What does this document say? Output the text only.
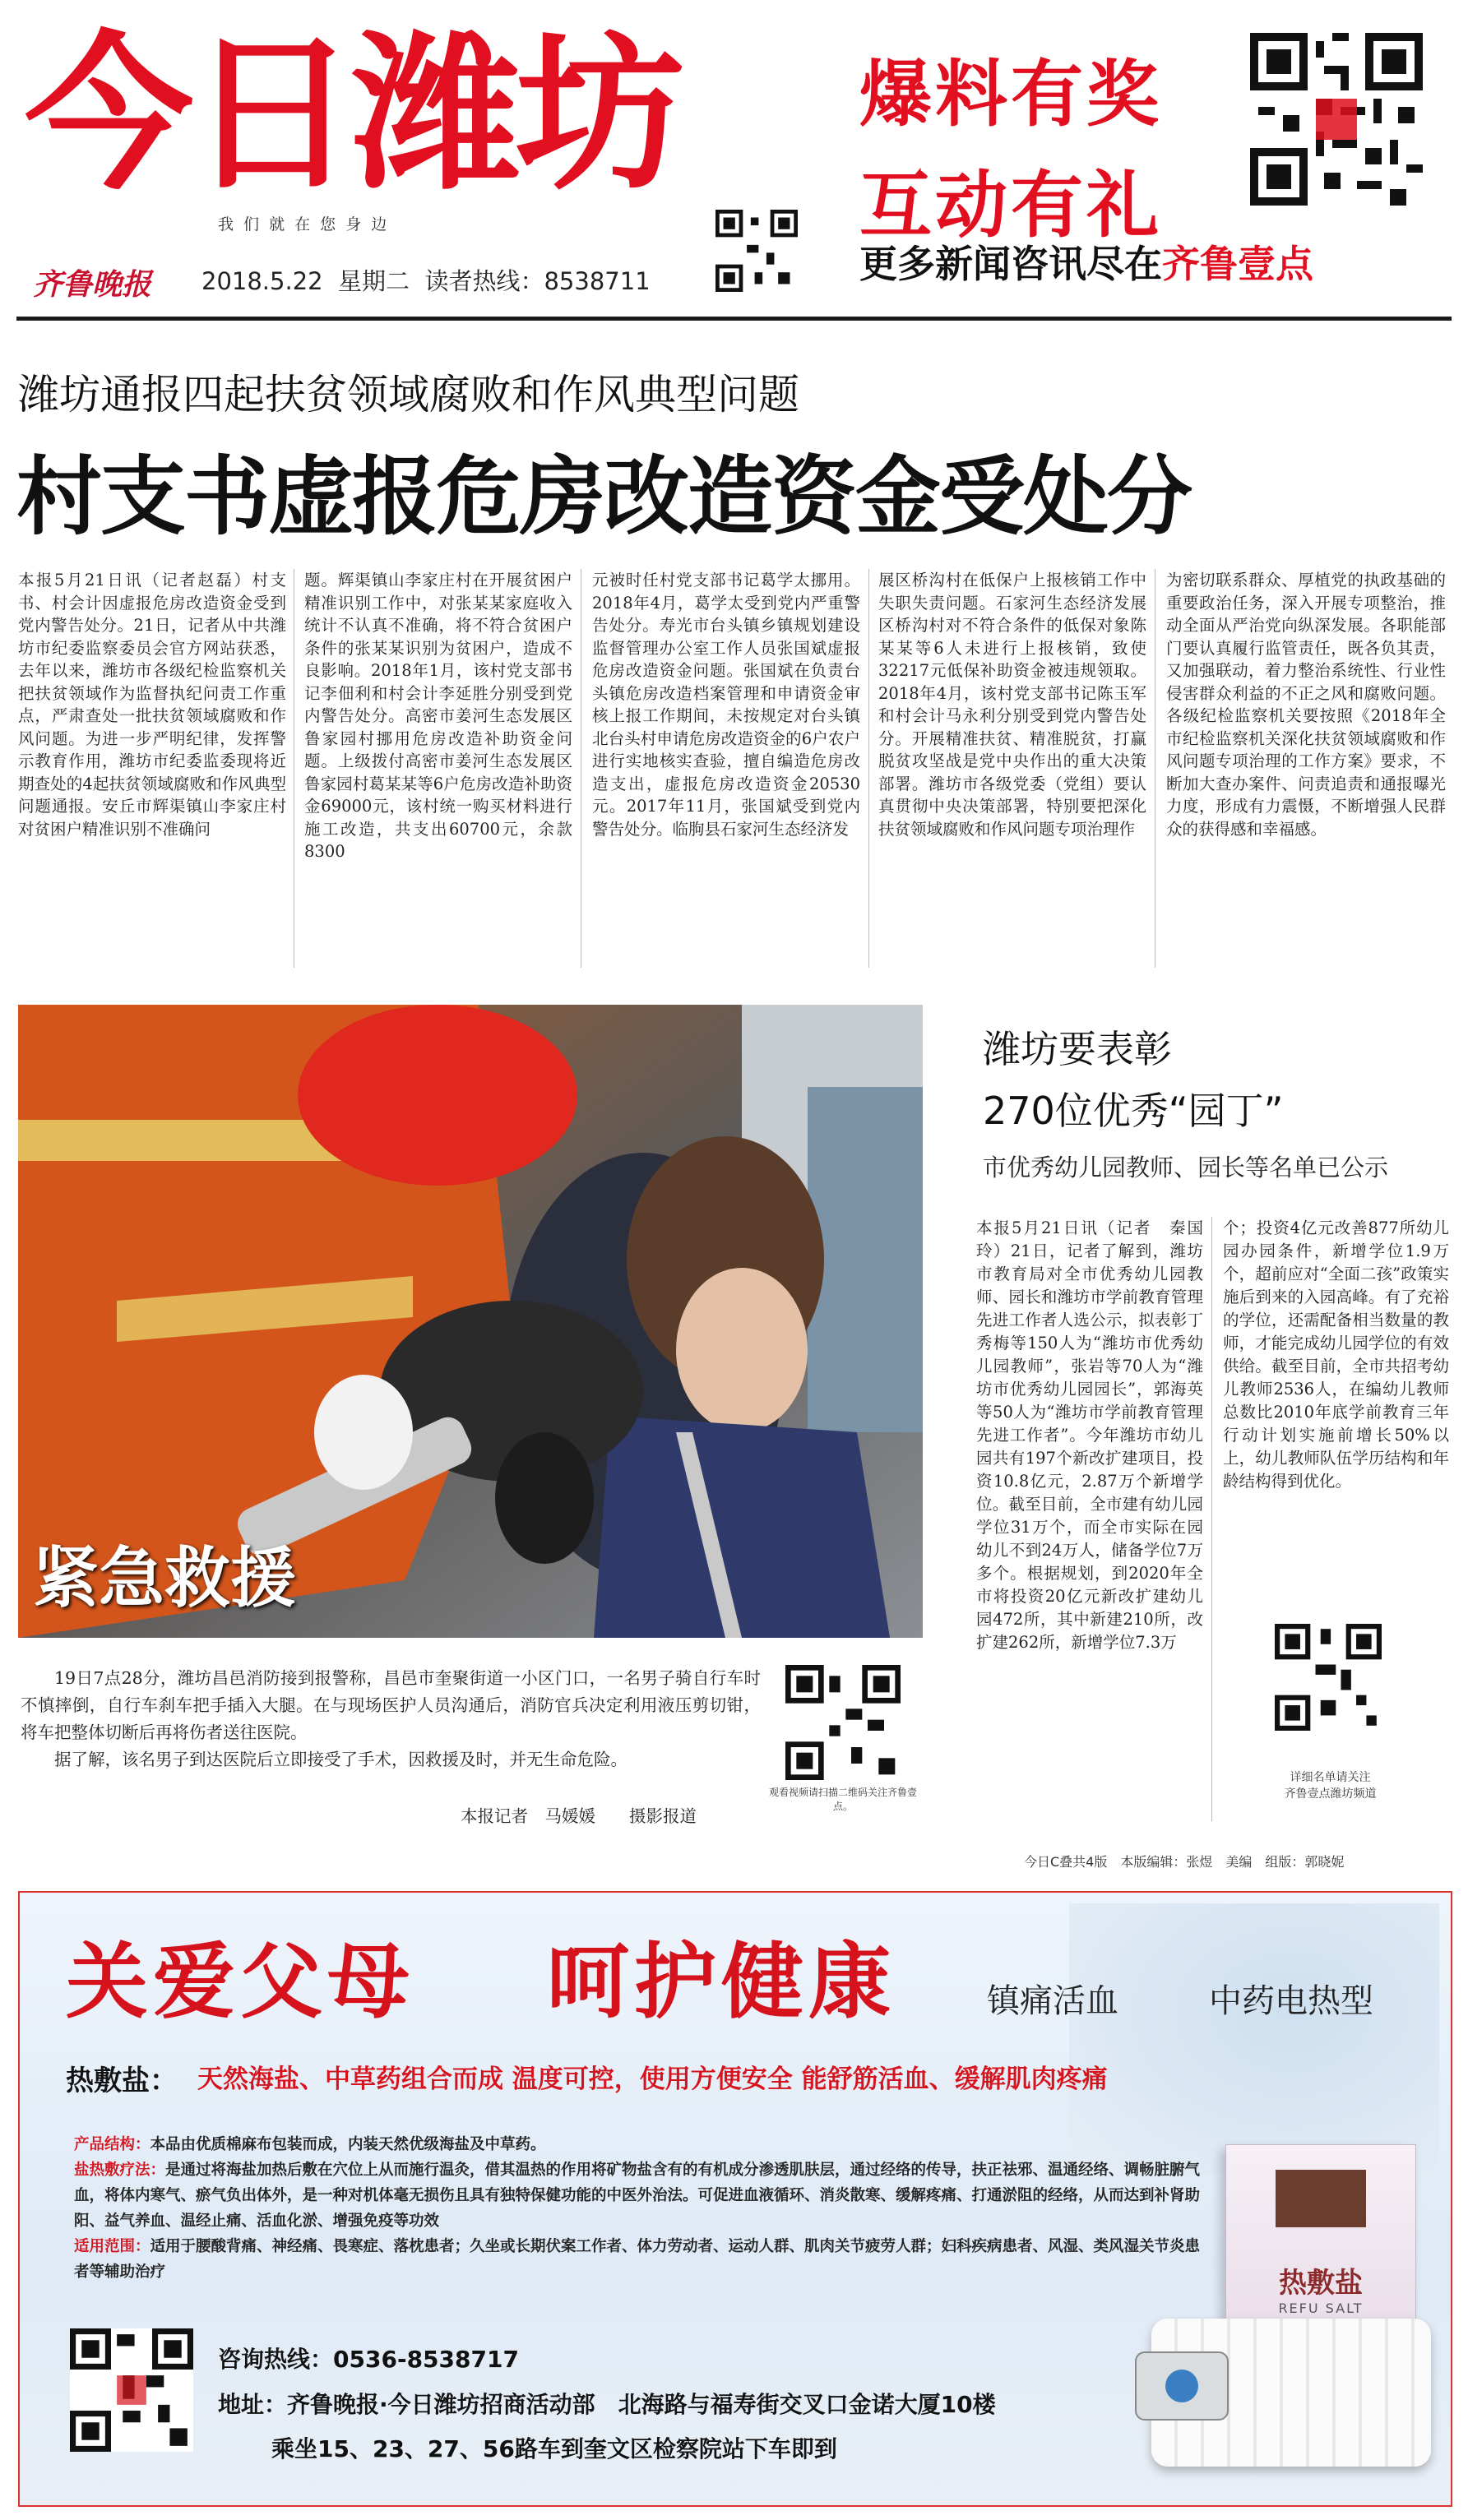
今日潍坊	爆料有奖
互动有礼
更多新闻咨讯尽在齐鲁壹点
我 们 就 在 您 身 边
齐鲁晚报 2018.5.22 星期二 读者热线：8538711
潍坊通报四起扶贫领域腐败和作风典型问题
村支书虚报危房改造资金受处分
本报5月21日讯（记者赵磊）村支书、村会计因虚报危房改造资金受到党内警告处分。21日，记者从中共潍坊市纪委监察委员会官方网站获悉，去年以来，潍坊市各级纪检监察机关把扶贫领域作为监督执纪问责工作重点，严肃查处一批扶贫领域腐败和作风问题。为进一步严明纪律，发挥警示教育作用，潍坊市纪委监委现将近期查处的4起扶贫领域腐败和作风典型问题通报。安丘市辉渠镇山李家庄村对贫困户精准识别不准确问
题。辉渠镇山李家庄村在开展贫困户精准识别工作中，对张某某家庭收入统计不认真不准确，将不符合贫困户条件的张某某识别为贫困户，造成不良影响。2018年1月，该村党支部书记李佃利和村会计李延胜分别受到党内警告处分。高密市姜河生态发展区鲁家园村挪用危房改造补助资金问题。上级拨付高密市姜河生态发展区鲁家园村葛某某等6户危房改造补助资金69000元，该村统一购买材料进行施工改造，共支出60700元，余款8300
元被时任村党支部书记葛学太挪用。2018年4月，葛学太受到党内严重警告处分。寿光市台头镇乡镇规划建设监督管理办公室工作人员张国斌虚报危房改造资金问题。张国斌在负责台头镇危房改造档案管理和申请资金审核上报工作期间，未按规定对台头镇北台头村申请危房改造资金的6户农户进行实地核实查验，擅自编造危房改造支出，虚报危房改造资金20530元。2017年11月，张国斌受到党内警告处分。临朐县石家河生态经济发
展区桥沟村在低保户上报核销工作中失职失责问题。石家河生态经济发展区桥沟村对不符合条件的低保对象陈某某等6人未进行上报核销，致使32217元低保补助资金被违规领取。2018年4月，该村党支部书记陈玉军和村会计马永利分别受到党内警告处分。开展精准扶贫、精准脱贫，打赢脱贫攻坚战是党中央作出的重大决策部署。潍坊市各级党委（党组）要认真贯彻中央决策部署，特别要把深化扶贫领域腐败和作风问题专项治理作
为密切联系群众、厚植党的执政基础的重要政治任务，深入开展专项整治，推动全面从严治党向纵深发展。各职能部门要认真履行监管责任，既各负其责，又加强联动，着力整治系统性、行业性侵害群众利益的不正之风和腐败问题。各级纪检监察机关要按照《2018年全市纪检监察机关深化扶贫领域腐败和作风问题专项治理的工作方案》要求，不断加大查办案件、问责追责和通报曝光力度，形成有力震慑，不断增强人民群众的获得感和幸福感。
紧急救援

19日7点28分，潍坊昌邑消防接到报警称，昌邑市奎聚街道一小区门口，一名男子骑自行车时不慎摔倒，自行车刹车把手插入大腿。在与现场医护人员沟通后，消防官兵决定利用液压剪切钳，将车把整体切断后再将伤者送往医院。

据了解，该名男子到达医院后立即接受了手术，因救援及时，并无生命危险。

本报记者　马媛媛　　摄影报道
观看视频请扫描二维码关注齐鲁壹点。
潍坊要表彰
270位优秀“园丁”
市优秀幼儿园教师、园长等名单已公示
本报5月21日讯（记者　秦国玲）21日，记者了解到，潍坊市教育局对全市优秀幼儿园教师、园长和潍坊市学前教育管理先进工作者人选公示，拟表彰丁秀梅等150人为“潍坊市优秀幼儿园教师”，张岩等70人为“潍坊市优秀幼儿园园长”，郭海英等50人为“潍坊市学前教育管理先进工作者”。今年潍坊市幼儿园共有197个新改扩建项目，投资10.8亿元，2.87万个新增学位。截至目前，全市建有幼儿园学位31万个，而全市实际在园幼儿不到24万人，储备学位7万多个。根据规划，到2020年全市将投资20亿元新改扩建幼儿园472所，其中新建210所，改扩建262所，新增学位7.3万
个；投资4亿元改善877所幼儿园办园条件，新增学位1.9万个，超前应对“全面二孩”政策实施后到来的入园高峰。有了充裕的学位，还需配备相当数量的教师，才能完成幼儿园学位的有效供给。截至目前，全市共招考幼儿教师2536人，在编幼儿教师总数比2010年底学前教育三年行动计划实施前增长50%以上，幼儿教师队伍学历结构和年龄结构得到优化。
详细名单请关注
齐鲁壹点潍坊频道
今日C叠共4版　本版编辑：张煜　美编　组版：郭晓妮
关爱父母 呵护健康	镇痛活血	中药电热型
热敷盐： 天然海盐、中草药组合而成 温度可控，使用方便安全 能舒筋活血、缓解肌肉疼痛
产品结构：本品由优质棉麻布包装而成，内装天然优级海盐及中草药。
盐热敷疗法：是通过将海盐加热后敷在穴位上从而施行温灸，借其温热的作用将矿物盐含有的有机成分渗透肌肤层，通过经络的传导，扶正祛邪、温通经络、调畅脏腑气血，将体内寒气、瘀气负出体外，是一种对机体毫无损伤且具有独特保健功能的中医外治法。可促进血液循环、消炎散寒、缓解疼痛、打通淤阻的经络，从而达到补肾助阳、益气养血、温经止痛、活血化淤、增强免疫等功效
适用范围：适用于腰酸背痛、神经痛、畏寒症、落枕患者；久坐或长期伏案工作者、体力劳动者、运动人群、肌肉关节疲劳人群；妇科疾病患者、风湿、类风湿关节炎患者等辅助治疗
咨询热线：0536-8538717
地址：齐鲁晚报·今日潍坊招商活动部　北海路与福寿街交叉口金诺大厦10楼
乘坐15、23、27、56路车到奎文区检察院站下车即到
热敷盐
REFU SALT
